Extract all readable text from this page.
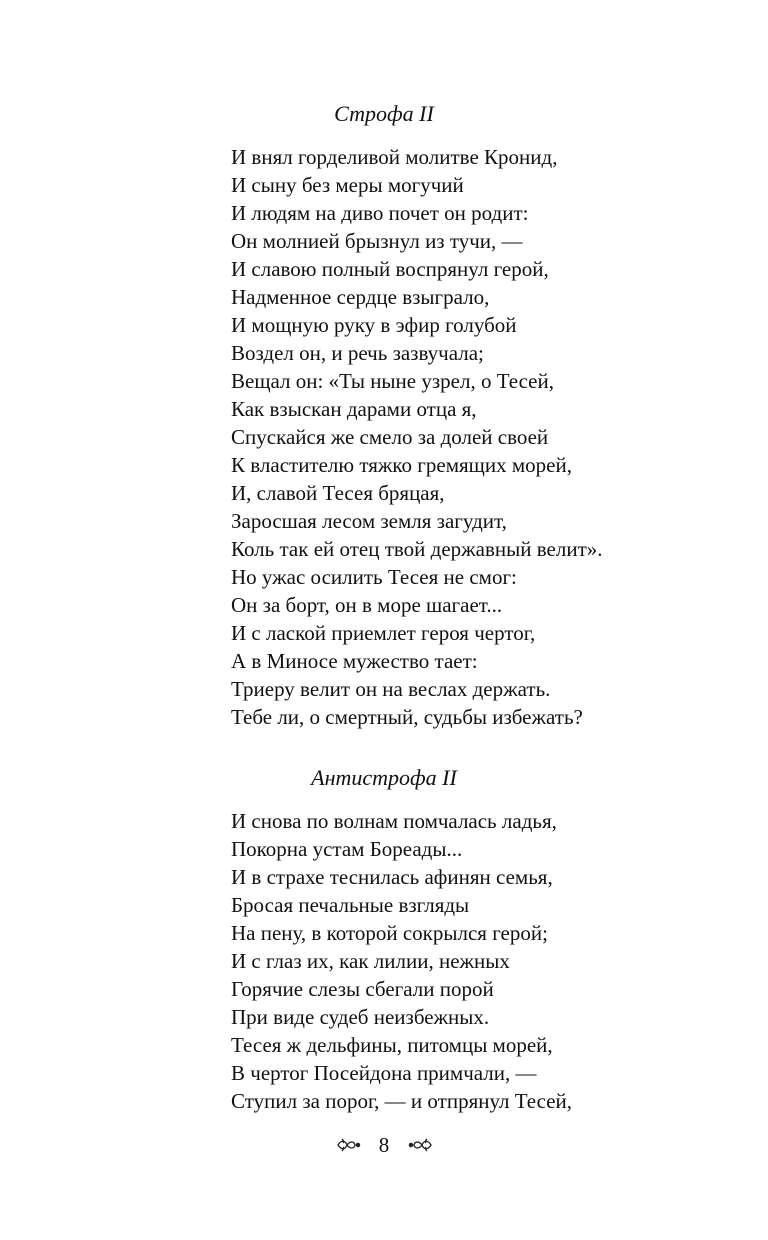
Строфа II
И внял горделивой молитве Кронид,
И сыну без меры могучий
И людям на диво почет он родит:
Он молнией брызнул из тучи, —
И славою полный воспрянул герой,
Надменное сердце взыграло,
И мощную руку в эфир голубой
Воздел он, и речь зазвучала;
Вещал он: «Ты ныне узрел, о Тесей,
Как взыскан дарами отца я,
Спускайся же смело за долей своей
К властителю тяжко гремящих морей,
И, славой Тесея бряцая,
Заросшая лесом земля загудит,
Коль так ей отец твой державный велит».
Но ужас осилить Тесея не смог:
Он за борт, он в море шагает...
И с лаской приемлет героя чертог,
А в Миносе мужество тает:
Триеру велит он на веслах держать.
Тебе ли, о смертный, судьбы избежать?
Антистрофа II
И снова по волнам помчалась ладья,
Покорна устам Бореады...
И в страхе теснилась афинян семья,
Бросая печальные взгляды
На пену, в которой сокрылся герой;
И с глаз их, как лилии, нежных
Горячие слезы сбегали порой
При виде судеб неизбежных.
Тесея ж дельфины, питомцы морей,
В чертог Посейдона примчали, —
Ступил за порог, — и отпрянул Тесей,
8
